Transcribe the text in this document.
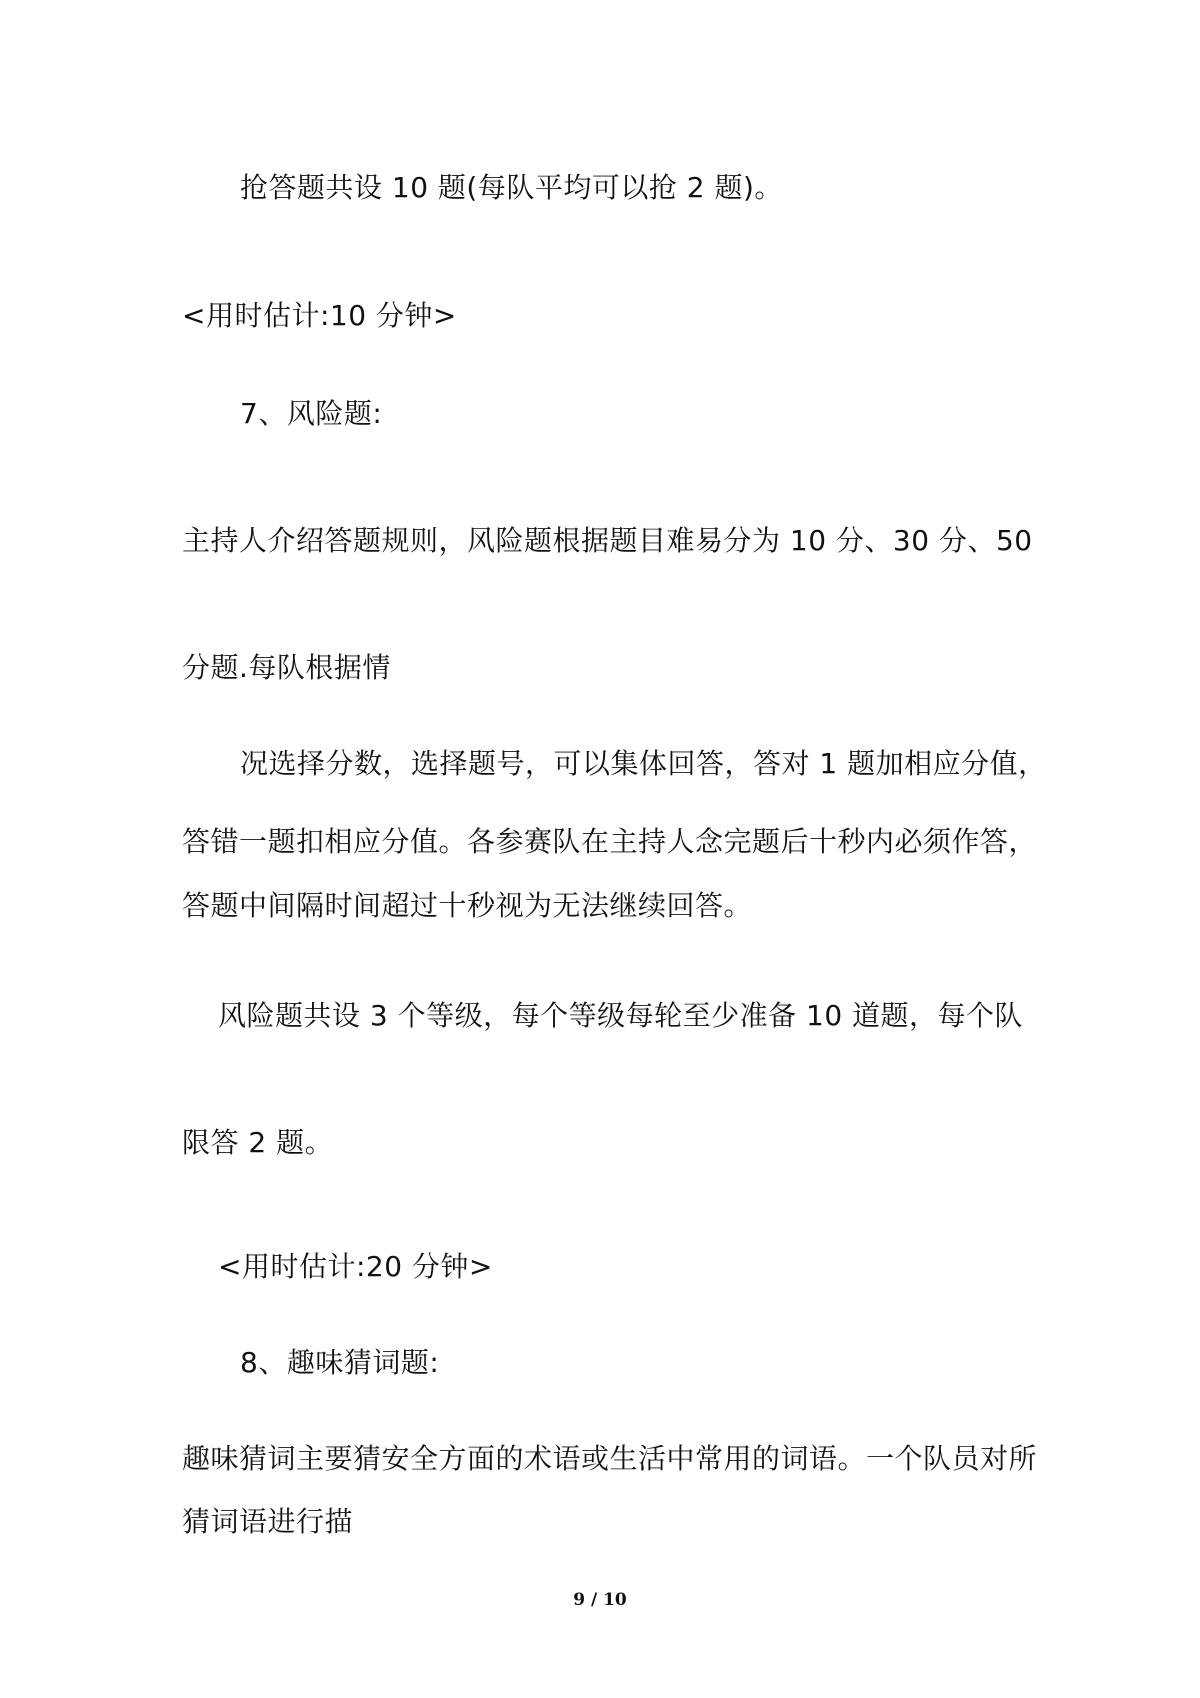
抢答题共设 10 题(每队平均可以抢 2 题)。
<用时估计:10 分钟>
7、风险题:
主持人介绍答题规则，风险题根据题目难易分为 10 分、30 分、50
分题.每队根据情
况选择分数，选择题号，可以集体回答，答对 1 题加相应分值，
答错一题扣相应分值。各参赛队在主持人念完题后十秒内必须作答，
答题中间隔时间超过十秒视为无法继续回答。
风险题共设 3 个等级，每个等级每轮至少准备 10 道题，每个队
限答 2 题。
<用时估计:20 分钟>
8、趣味猜词题:
趣味猜词主要猜安全方面的术语或生活中常用的词语。一个队员对所
猜词语进行描
9 / 10
